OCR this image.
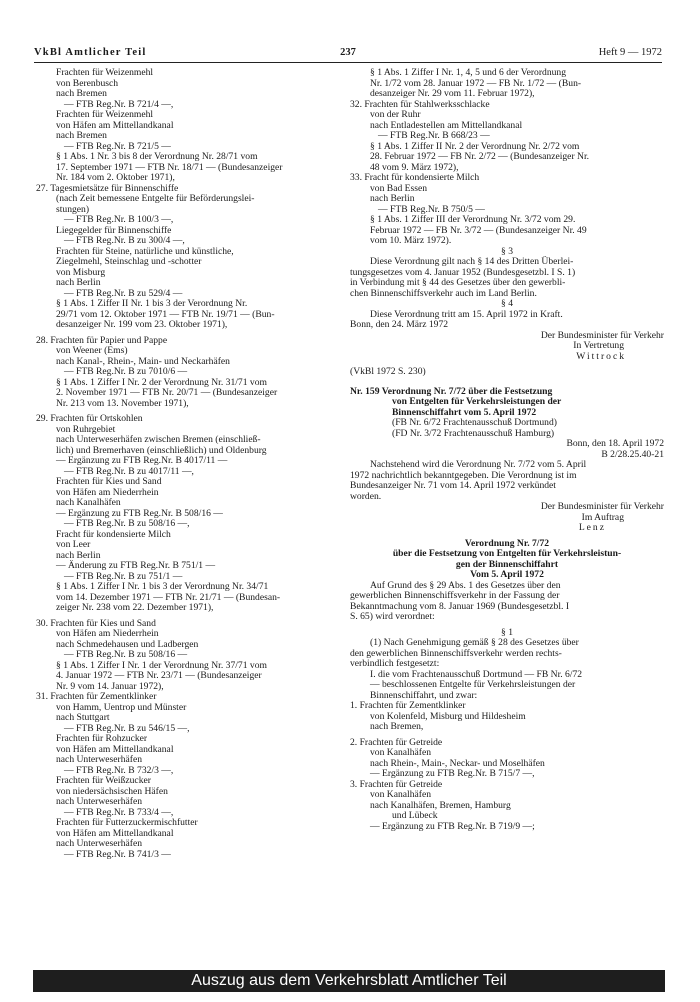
VkBl Amtlicher Teil	237	Heft 9 — 1972
Frachten für Weizenmehl
von Berenbusch
nach Bremen
— FTB Reg.Nr. B 721/4 —,
Frachten für Weizenmehl
von Häfen am Mittellandkanal
nach Bremen
— FTB Reg.Nr. B 721/5 —
§ 1 Abs. 1 Nr. 3 bis 8 der Verordnung Nr. 28/71 vom
17. September 1971 — FTB Nr. 18/71 — (Bundesanzeiger
Nr. 184 vom 2. Oktober 1971),
27. Tagesmietsätze für Binnenschiffe
(nach Zeit bemessene Entgelte für Beförderungslei-
stungen)
— FTB Reg.Nr. B 100/3 —,
Liegegelder für Binnenschiffe
— FTB Reg.Nr. B zu 300/4 —,
Frachten für Steine, natürliche und künstliche,
Ziegelmehl, Steinschlag und -schotter
von Misburg
nach Berlin
— FTB Reg.Nr. B zu 529/4 —
§ 1 Abs. 1 Ziffer II Nr. 1 bis 3 der Verordnung Nr.
29/71 vom 12. Oktober 1971 — FTB Nr. 19/71 — (Bun-
desanzeiger Nr. 199 vom 23. Oktober 1971),
28. Frachten für Papier und Pappe
von Weener (Ems)
nach Kanal-, Rhein-, Main- und Neckarhäfen
— FTB Reg.Nr. B zu 7010/6 —
§ 1 Abs. 1 Ziffer I Nr. 2 der Verordnung Nr. 31/71 vom
2. November 1971 — FTB Nr. 20/71 — (Bundesanzeiger
Nr. 213 vom 13. November 1971),
29. Frachten für Ortskohlen
von Ruhrgebiet
nach Unterweserhäfen zwischen Bremen (einschließ-
lich) und Bremerhaven (einschließlich) und Oldenburg
— Ergänzung zu FTB Reg.Nr. B 4017/11 —
— FTB Reg.Nr. B zu 4017/11 —,
Frachten für Kies und Sand
von Häfen am Niederrhein
nach Kanalhäfen
— Ergänzung zu FTB Reg.Nr. B 508/16 —
— FTB Reg.Nr. B zu 508/16 —,
Fracht für kondensierte Milch
von Leer
nach Berlin
— Änderung zu FTB Reg.Nr. B 751/1 —
— FTB Reg.Nr. B zu 751/1 —
§ 1 Abs. 1 Ziffer I Nr. 1 bis 3 der Verordnung Nr. 34/71
vom 14. Dezember 1971 — FTB Nr. 21/71 — (Bundesan-
zeiger Nr. 238 vom 22. Dezember 1971),
30. Frachten für Kies und Sand
von Häfen am Niederrhein
nach Schmedehausen und Ladbergen
— FTB Reg.Nr. B zu 508/16 —
§ 1 Abs. 1 Ziffer I Nr. 1 der Verordnung Nr. 37/71 vom
4. Januar 1972 — FTB Nr. 23/71 — (Bundesanzeiger
Nr. 9 vom 14. Januar 1972),
31. Frachten für Zementklinker
von Hamm, Uentrop und Münster
nach Stuttgart
— FTB Reg.Nr. B zu 546/15 —,
Frachten für Rohzucker
von Häfen am Mittellandkanal
nach Unterweserhäfen
— FTB Reg.Nr. B 732/3 —,
Frachten für Weißzucker
von niedersächsischen Häfen
nach Unterweserhäfen
— FTB Reg.Nr. B 733/4 —,
Frachten für Futterzuckermischfutter
von Häfen am Mittellandkanal
nach Unterweserhäfen
— FTB Reg.Nr. B 741/3 —
§ 1 Abs. 1 Ziffer I Nr. 1, 4, 5 und 6 der Verordnung
Nr. 1/72 vom 28. Januar 1972 — FB Nr. 1/72 — (Bun-
desanzeiger Nr. 29 vom 11. Februar 1972),
32. Frachten für Stahlwerksschlacke
von der Ruhr
nach Entladestellen am Mittellandkanal
— FTB Reg.Nr. B 668/23 —
§ 1 Abs. 1 Ziffer II Nr. 2 der Verordnung Nr. 2/72 vom
28. Februar 1972 — FB Nr. 2/72 — (Bundesanzeiger Nr.
48 vom 9. März 1972),
33. Fracht für kondensierte Milch
von Bad Essen
nach Berlin
— FTB Reg.Nr. B 750/5 —
§ 1 Abs. 1 Ziffer III der Verordnung Nr. 3/72 vom 29.
Februar 1972 — FB Nr. 3/72 — (Bundesanzeiger Nr. 49
vom 10. März 1972).
§ 3
Diese Verordnung gilt nach § 14 des Dritten Überlei-
tungsgesetzes vom 4. Januar 1952 (Bundesgesetzbl. I S. 1)
in Verbindung mit § 44 des Gesetzes über den gewerbli-
chen Binnenschiffsverkehr auch im Land Berlin.
§ 4
Diese Verordnung tritt am 15. April 1972 in Kraft.
Bonn, den 24. März 1972
Der Bundesminister für Verkehr
In Vertretung
Wittrock
(VkBl 1972 S. 230)
Nr. 159 Verordnung Nr. 7/72 über die Festsetzung
von Entgelten für Verkehrsleistungen der
Binnenschiffahrt vom 5. April 1972
(FB Nr. 6/72 Frachtenausschuß Dortmund)
(FD Nr. 3/72 Frachtenausschuß Hamburg)
Bonn, den 18. April 1972
B 2/28.25.40-21
Nachstehend wird die Verordnung Nr. 7/72 vom 5. April
1972 nachrichtlich bekanntgegeben. Die Verordnung ist im
Bundesanzeiger Nr. 71 vom 14. April 1972 verkündet
worden.
Der Bundesminister für Verkehr
Im Auftrag
Lenz
Verordnung Nr. 7/72
über die Festsetzung von Entgelten für Verkehrsleistun-
gen der Binnenschiffahrt
Vom 5. April 1972
Auf Grund des § 29 Abs. 1 des Gesetzes über den
gewerblichen Binnenschiffsverkehr in der Fassung der
Bekanntmachung vom 8. Januar 1969 (Bundesgesetzbl. I
S. 65) wird verordnet:
§ 1
(1) Nach Genehmigung gemäß § 28 des Gesetzes über
den gewerblichen Binnenschiffsverkehr werden rechts-
verbindlich festgesetzt:
I. die vom Frachtenausschuß Dortmund — FB Nr. 6/72
— beschlossenen Entgelte für Verkehrsleistungen der
Binnenschiffahrt, und zwar:
1. Frachten für Zementklinker
von Kolenfeld, Misburg und Hildesheim
nach Bremen,
2. Frachten für Getreide
von Kanalhäfen
nach Rhein-, Main-, Neckar- und Moselhäfen
— Ergänzung zu FTB Reg.Nr. B 715/7 —,
3. Frachten für Getreide
von Kanalhäfen
nach Kanalhäfen, Bremen, Hamburg
und Lübeck
— Ergänzung zu FTB Reg.Nr. B 719/9 —;
Auszug aus dem Verkehrsblatt Amtlicher Teil
